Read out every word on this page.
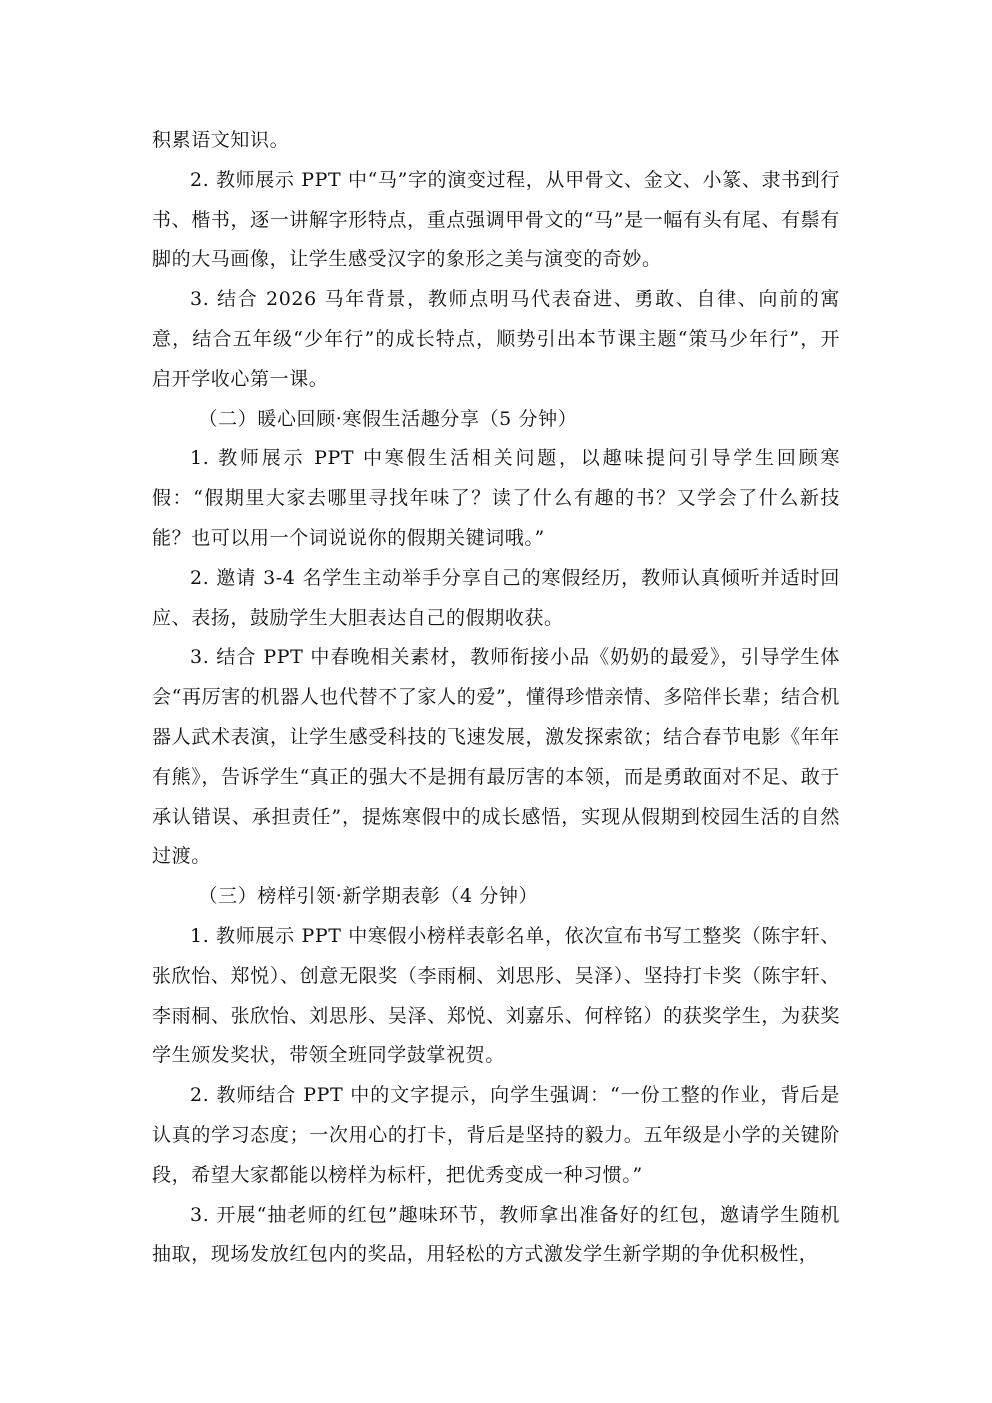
积累语文知识。

2. 教师展示 PPT 中“马”字的演变过程，从甲骨文、金文、小篆、隶书到行书、楷书，逐一讲解字形特点，重点强调甲骨文的“马”是一幅有头有尾、有鬃有脚的大马画像，让学生感受汉字的象形之美与演变的奇妙。

3. 结合 2026 马年背景，教师点明马代表奋进、勇敢、自律、向前的寓意，结合五年级“少年行”的成长特点，顺势引出本节课主题“策马少年行”，开启开学收心第一课。

（二）暖心回顾·寒假生活趣分享（5 分钟）

1. 教师展示 PPT 中寒假生活相关问题，以趣味提问引导学生回顾寒假：“假期里大家去哪里寻找年味了？读了什么有趣的书？又学会了什么新技能？也可以用一个词说说你的假期关键词哦。”

2. 邀请 3-4 名学生主动举手分享自己的寒假经历，教师认真倾听并适时回应、表扬，鼓励学生大胆表达自己的假期收获。

3. 结合 PPT 中春晚相关素材，教师衔接小品《奶奶的最爱》，引导学生体会“再厉害的机器人也代替不了家人的爱”，懂得珍惜亲情、多陪伴长辈；结合机器人武术表演，让学生感受科技的飞速发展，激发探索欲；结合春节电影《年年有熊》，告诉学生“真正的强大不是拥有最厉害的本领，而是勇敢面对不足、敢于承认错误、承担责任”，提炼寒假中的成长感悟，实现从假期到校园生活的自然过渡。

（三）榜样引领·新学期表彰（4 分钟）

1. 教师展示 PPT 中寒假小榜样表彰名单，依次宣布书写工整奖（陈宇轩、张欣怡、郑悦）、创意无限奖（李雨桐、刘思彤、吴泽）、坚持打卡奖（陈宇轩、李雨桐、张欣怡、刘思彤、吴泽、郑悦、刘嘉乐、何梓铭）的获奖学生，为获奖学生颁发奖状，带领全班同学鼓掌祝贺。

2. 教师结合 PPT 中的文字提示，向学生强调：“一份工整的作业，背后是认真的学习态度；一次用心的打卡，背后是坚持的毅力。五年级是小学的关键阶段，希望大家都能以榜样为标杆，把优秀变成一种习惯。”

3. 开展“抽老师的红包”趣味环节，教师拿出准备好的红包，邀请学生随机抽取，现场发放红包内的奖品，用轻松的方式激发学生新学期的争优积极性，
